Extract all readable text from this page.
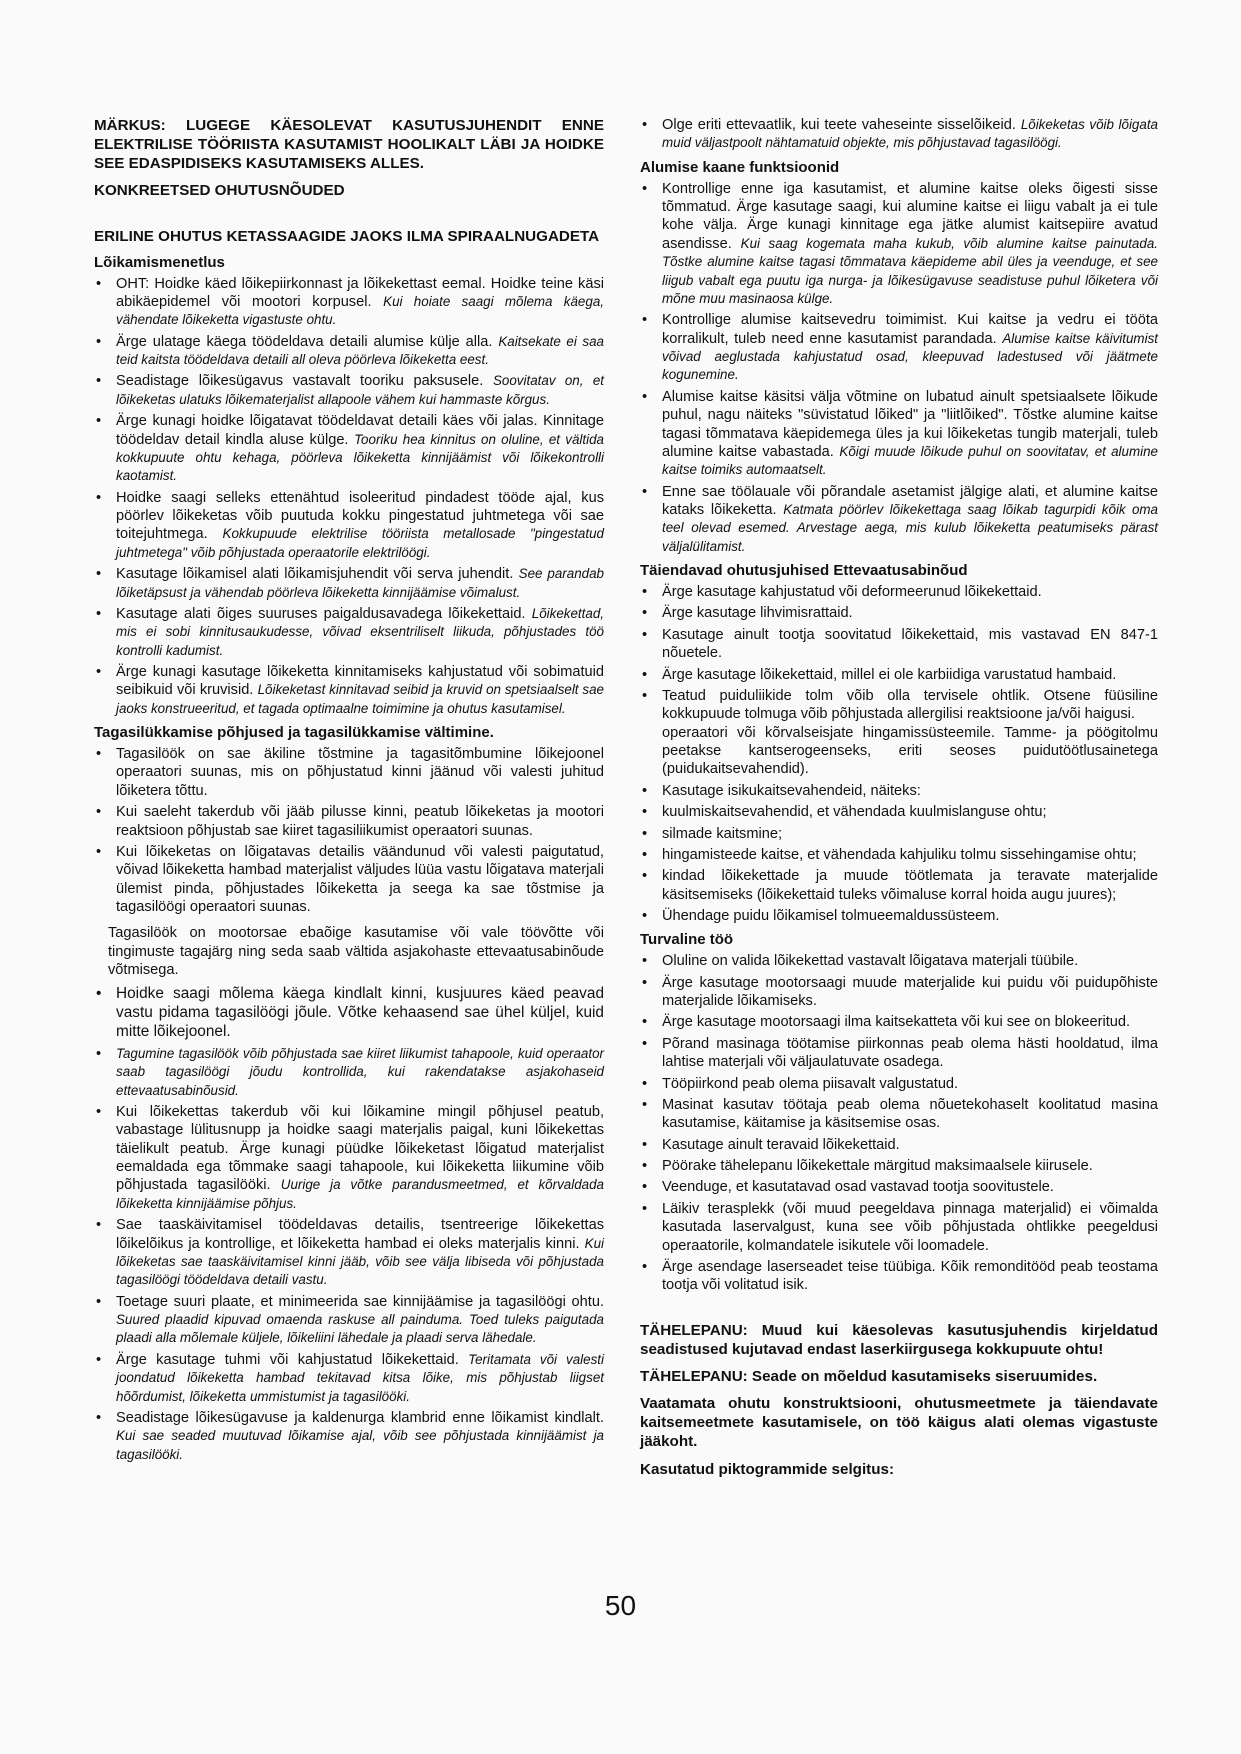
MÄRKUS: LUGEGE KÄESOLEVAT KASUTUSJUHENDIT ENNE ELEKTRILISE TÖÖRIISTA KASUTAMIST HOOLIKALT LÄBI JA HOIDKE SEE EDASPIDISEKS KASUTAMISEKS ALLES.
KONKREETSED OHUTUSNÕUDED
ERILINE OHUTUS KETASSAAGIDE JAOKS ILMA SPIRAALNUGADETA
Lõikamismenetlus
• OHT: Hoidke käed lõikepiirkonnast ja lõikekettast eemal. Hoidke teine käsi abikäepidemel või mootori korpusel. Kui hoiate saagi mõlema käega, vähendate lõikeketta vigastuste ohtu.
• Ärge ulatage käega töödeldava detaili alumise külje alla. Kaitsekate ei saa teid kaitsta töödeldava detaili all oleva pöörleva lõikeketta eest.
• Seadistage lõikesügavus vastavalt tooriku paksusele. Soovitatav on, et lõikeketas ulatuks lõikematerjalist allapoole vähem kui hammaste kõrgus.
• Ärge kunagi hoidke lõigatavat töödeldavat detaili käes või jalas. Kinnitage töödeldav detail kindla aluse külge. Tooriku hea kinnitus on oluline, et vältida kokkupuute ohtu kehaga, pöörleva lõikeketta kinnijäämist või lõikekontrolli kaotamist.
• Hoidke saagi selleks ettenähtud isoleeritud pindadest tööde ajal, kus pöörlev lõikeketas võib puutuda kokku pingestatud juhtmetega või sae toitejuhtmega. Kokkupuude elektrilise tööriista metallosade "pingestatud juhtmetega" võib põhjustada operaatorile elektrilöögi.
• Kasutage lõikamisel alati lõikamisjuhendit või serva juhendit. See parandab lõiketäpsust ja vähendab pöörleva lõikeketta kinnijäämise võimalust.
• Kasutage alati õiges suuruses paigaldusavadega lõikekettaid. Lõikekettad, mis ei sobi kinnitusaukudesse, võivad eksentriliselt liikuda, põhjustades töö kontrolli kadumist.
• Ärge kunagi kasutage lõikeketta kinnitamiseks kahjustatud või sobimatuid seibikuid või kruvisid. Lõikeketast kinnitavad seibid ja kruvid on spetsiaalselt sae jaoks konstrueeritud, et tagada optimaalne toimimine ja ohutus kasutamisel.
Tagasilükkamise põhjused ja tagasilükkamise vältimine.
• Tagasilöök on sae äkiline tõstmine ja tagasitõmbumine lõikejoonel operaatori suunas, mis on põhjustatud kinni jäänud või valesti juhitud lõiketera tõttu.
• Kui saeleht takerdub või jääb pilusse kinni, peatub lõikeketas ja mootori reaktsioon põhjustab sae kiiret tagasiliikumist operaatori suunas.
• Kui lõikeketas on lõigatavas detailis väändunud või valesti paigutatud, võivad lõikeketta hambad materjalist väljudes lüüa vastu lõigatava materjali ülemist pinda, põhjustades lõikeketta ja seega ka sae tõstmise ja tagasilöögi operaatori suunas.
Tagasilöök on mootorsae ebaõige kasutamise või vale töövõtte või tingimuste tagajärg ning seda saab vältida asjakohaste ettevaatusabinõude võtmisega.
• Hoidke saagi mõlema käega kindlalt kinni, kusjuures käed peavad vastu pidama tagasilöögi jõule. Võtke kehaasend sae ühel küljel, kuid mitte lõikejoonel.
• Tagumine tagasilöök võib põhjustada sae kiiret liikumist tahapoole, kuid operaator saab tagasilöögi jõudu kontrollida, kui rakendatakse asjakohaseid ettevaatusabinõusid.
• Kui lõikekettas takerdub või kui lõikamine mingil põhjusel peatub, vabastage lülitusnupp ja hoidke saagi materjalis paigal, kuni lõikekettas täielikult peatub. Ärge kunagi püüdke lõikeketast lõigatud materjalist eemaldada ega tõmmake saagi tahapoole, kui lõikeketta liikumine võib põhjustada tagasilööki. Uurige ja võtke parandusmeetmed, et kõrvaldada lõikeketta kinnijäämise põhjus.
• Sae taaskäivitamisel töödeldavas detailis, tsentreerige lõikekettas lõikelõikus ja kontrollige, et lõikeketta hambad ei oleks materjalis kinni. Kui lõikeketas sae taaskäivitamisel kinni jääb, võib see välja libiseda või põhjustada tagasilöögi töödeldava detaili vastu.
• Toetage suuri plaate, et minimeerida sae kinnijäämise ja tagasilöögi ohtu. Suured plaadid kipuvad omaenda raskuse all painduma. Toed tuleks paigutada plaadi alla mõlemale küljele, lõikeliini lähedale ja plaadi serva lähedale.
• Ärge kasutage tuhmi või kahjustatud lõikekettaid. Teritamata või valesti joondatud lõikeketta hambad tekitavad kitsa lõike, mis põhjustab liigset hõõrdumist, lõikeketta ummistumist ja tagasilööki.
• Seadistage lõikesügavuse ja kaldenurga klambrid enne lõikamist kindlalt. Kui sae seaded muutuvad lõikamise ajal, võib see põhjustada kinnijäämist ja tagasilööki.
• Olge eriti ettevaatlik, kui teete vaheseinte sisselõikeid. Lõikeketas võib lõigata muid väljastpoolt nähtamatuid objekte, mis põhjustavad tagasilöögi.
Alumise kaane funktsioonid
• Kontrollige enne iga kasutamist, et alumine kaitse oleks õigesti sisse tõmmatud. Ärge kasutage saagi, kui alumine kaitse ei liigu vabalt ja ei tule kohe välja. Ärge kunagi kinnitage ega jätke alumist kaitsepiire avatud asendisse. Kui saag kogemata maha kukub, võib alumine kaitse painutada. Tõstke alumine kaitse tagasi tõmmatava käepideme abil üles ja veenduge, et see liigub vabalt ega puutu iga nurga- ja lõikesügavuse seadistuse puhul lõiketera või mõne muu masinaosa külge.
• Kontrollige alumise kaitsevedru toimimist. Kui kaitse ja vedru ei tööta korralikult, tuleb need enne kasutamist parandada. Alumise kaitse käivitumist võivad aeglustada kahjustatud osad, kleepuvad ladestused või jäätmete kogunemine.
• Alumise kaitse käsitsi välja võtmine on lubatud ainult spetsiaalsete lõikude puhul, nagu näiteks "süvistatud lõiked" ja "liitlõiked". Tõstke alumine kaitse tagasi tõmmatava käepidemega üles ja kui lõikeketas tungib materjali, tuleb alumine kaitse vabastada. Kõigi muude lõikude puhul on soovitatav, et alumine kaitse toimiks automaatselt.
• Enne sae töölauale või põrandale asetamist jälgige alati, et alumine kaitse kataks lõikeketta. Katmata pöörlev lõikekettaga saag lõikab tagurpidi kõik oma teel olevad esemed. Arvestage aega, mis kulub lõikeketta peatumiseks pärast väljalülitamist.
Täiendavad ohutusjuhised Ettevaatusabinõud
• Ärge kasutage kahjustatud või deformeerunud lõikekettaid.
• Ärge kasutage lihvimisrattaid.
• Kasutage ainult tootja soovitatud lõikekettaid, mis vastavad EN 847-1 nõuetele.
• Ärge kasutage lõikekettaid, millel ei ole karbiidiga varustatud hambaid.
• Teatud puiduliikide tolm võib olla tervisele ohtlik. Otsene füüsiline kokkupuude tolmuga võib põhjustada allergilisi reaktsioone ja/või haigusi.
operaatori või kõrvalseisjate hingamissüsteemile. Tamme- ja pöögitolmu peetakse kantserogeenseks, eriti seoses puidutöötlusainetega (puidukaitsevahendid).
• Kasutage isikukaitsevahendeid, näiteks:
• kuulmiskaitsevahendid, et vähendada kuulmislanguse ohtu;
• silmade kaitsmine;
• hingamisteede kaitse, et vähendada kahjuliku tolmu sissehingamise ohtu;
• kindad lõikekettade ja muude töötlemata ja teravate materjalide käsitsemiseks (lõikekettaid tuleks võimaluse korral hoida augu juures);
• Ühendage puidu lõikamisel tolmueemaldussüsteem.
Turvaline töö
• Oluline on valida lõikekettad vastavalt lõigatava materjali tüübile.
• Ärge kasutage mootorsaagi muude materjalide kui puidu või puidupõhiste materjalide lõikamiseks.
• Ärge kasutage mootorsaagi ilma kaitsekatteta või kui see on blokeeritud.
• Põrand masinaga töötamise piirkonnas peab olema hästi hooldatud, ilma lahtise materjali või väljaulatuvate osadega.
• Tööpiirkond peab olema piisavalt valgustatud.
• Masinat kasutav töötaja peab olema nõuetekohaselt koolitatud masina kasutamise, käitamise ja käsitsemise osas.
• Kasutage ainult teravaid lõikekettaid.
• Pöörake tähelepanu lõikekettale märgitud maksimaalsele kiirusele.
• Veenduge, et kasutatavad osad vastavad tootja soovitustele.
• Läikiv terasplekk (või muud peegeldava pinnaga materjalid) ei võimalda kasutada laservalgust, kuna see võib põhjustada ohtlikke peegeldusi operaatorile, kolmandatele isikutele või loomadele.
• Ärge asendage laserseadet teise tüübiga. Kõik remonditööd peab teostama tootja või volitatud isik.
TÄHELEPANU: Muud kui käesolevas kasutusjuhendis kirjeldatud seadistused kujutavad endast laserkiirgusega kokkupuute ohtu!
TÄHELEPANU: Seade on mõeldud kasutamiseks siseruumides.
Vaatamata ohutu konstruktsiooni, ohutusmeetmete ja täiendavate kaitsemeetmete kasutamisele, on töö käigus alati olemas vigastuste jääkoht.
Kasutatud piktogrammide selgitus:
50
